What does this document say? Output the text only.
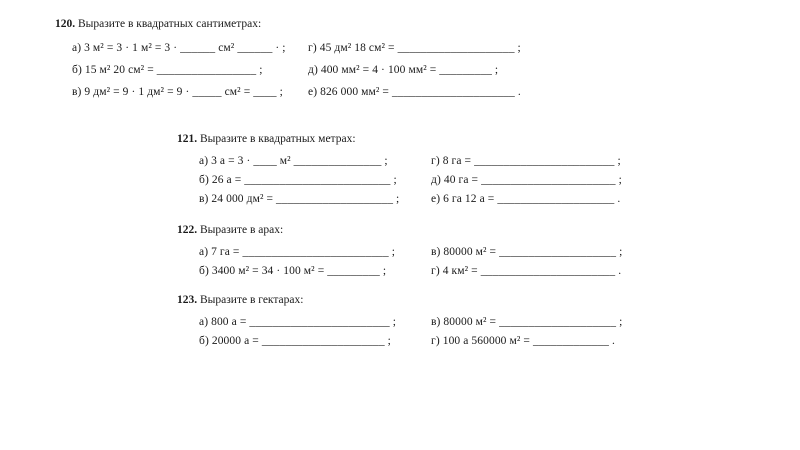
120. Выразите в квадратных сантиметрах:
а) 3 м² = 3 · 1 м² = 3 · ______ см² ______ · ;	г) 45 дм² 18 см² = ____________________ ;
б) 15 м² 20 см² = _________________ ;	д) 400 мм² = 4 · 100 мм² = _________ ;
в) 9 дм² = 9 · 1 дм² = 9 · _____ см² = ____ ;	е) 826 000 мм² = _____________________ .
121. Выразите в квадратных метрах:
а) 3 а = 3 · ____ м² _______________ ;	г) 8 га = ________________________ ;
б) 26 а = _________________________ ;	д) 40 га = _______________________ ;
в) 24 000 дм² = ____________________ ;	е) 6 га 12 а = ____________________ .
122. Выразите в арах:
а) 7 га = _________________________ ;	в) 80000 м² = ____________________ ;
б) 3400 м² = 34 · 100 м² = _________ ;	г) 4 км² = _______________________ .
123. Выразите в гектарах:
а) 800 а = ________________________ ;	в) 80000 м² = ____________________ ;
б) 20000 а = _____________________ ;	г) 100 а 560000 м² = _____________ .
